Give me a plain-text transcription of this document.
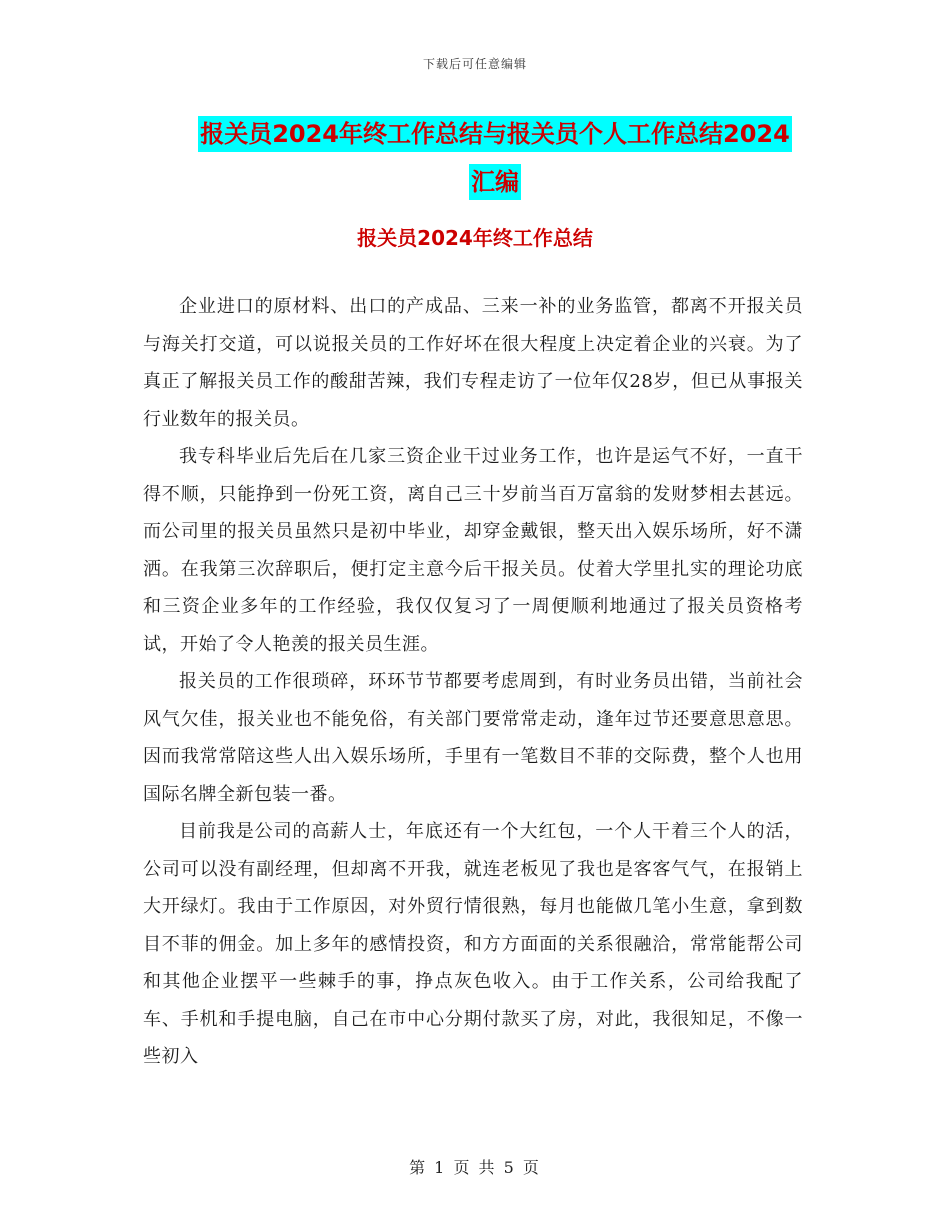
下载后可任意编辑
报关员2024年终工作总结与报关员个人工作总结2024
汇编
报关员2024年终工作总结

企业进口的原材料、出口的产成品、三来一补的业务监管，都离不开报关员与海关打交道，可以说报关员的工作好坏在很大程度上决定着企业的兴衰。为了真正了解报关员工作的酸甜苦辣，我们专程走访了一位年仅28岁，但已从事报关行业数年的报关员。

我专科毕业后先后在几家三资企业干过业务工作，也许是运气不好，一直干得不顺，只能挣到一份死工资，离自己三十岁前当百万富翁的发财梦相去甚远。而公司里的报关员虽然只是初中毕业，却穿金戴银，整天出入娱乐场所，好不潇洒。在我第三次辞职后，便打定主意今后干报关员。仗着大学里扎实的理论功底和三资企业多年的工作经验，我仅仅复习了一周便顺利地通过了报关员资格考试，开始了令人艳羡的报关员生涯。

报关员的工作很琐碎，环环节节都要考虑周到，有时业务员出错，当前社会风气欠佳，报关业也不能免俗，有关部门要常常走动，逢年过节还要意思意思。因而我常常陪这些人出入娱乐场所，手里有一笔数目不菲的交际费，整个人也用国际名牌全新包装一番。

目前我是公司的高薪人士，年底还有一个大红包，一个人干着三个人的活，公司可以没有副经理，但却离不开我，就连老板见了我也是客客气气，在报销上大开绿灯。我由于工作原因，对外贸行情很熟，每月也能做几笔小生意，拿到数目不菲的佣金。加上多年的感情投资，和方方面面的关系很融洽，常常能帮公司和其他企业摆平一些棘手的事，挣点灰色收入。由于工作关系，公司给我配了车、手机和手提电脑，自己在市中心分期付款买了房，对此，我很知足，不像一些初入

第 1 页 共 5 页
